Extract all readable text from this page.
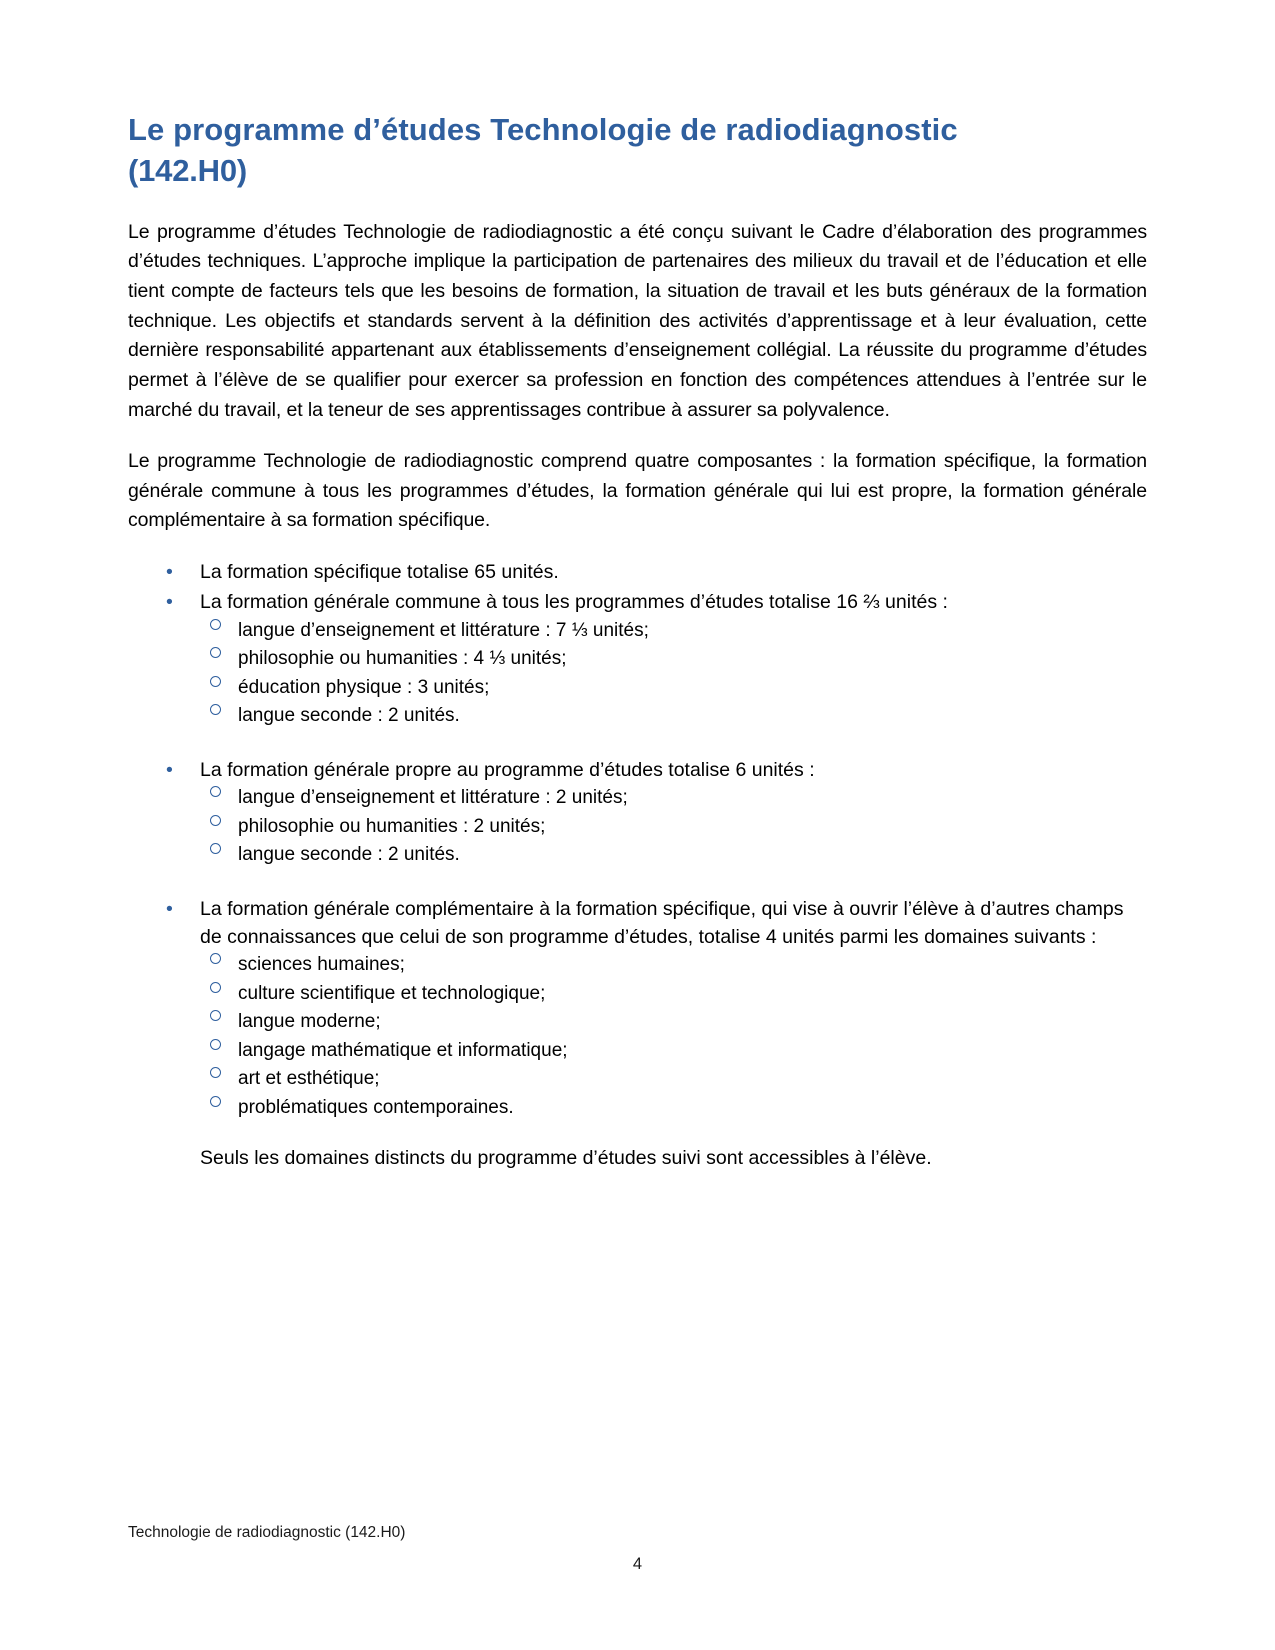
Le programme d’études Technologie de radiodiagnostic
(142.H0)

Le programme d’études Technologie de radiodiagnostic a été conçu suivant le Cadre d’élaboration des programmes d’études techniques. L’approche implique la participation de partenaires des milieux du travail et de l’éducation et elle tient compte de facteurs tels que les besoins de formation, la situation de travail et les buts généraux de la formation technique. Les objectifs et standards servent à la définition des activités d’apprentissage et à leur évaluation, cette dernière responsabilité appartenant aux établissements d’enseignement collégial. La réussite du programme d’études permet à l’élève de se qualifier pour exercer sa profession en fonction des compétences attendues à l’entrée sur le marché du travail, et la teneur de ses apprentissages contribue à assurer sa polyvalence.

Le programme Technologie de radiodiagnostic comprend quatre composantes : la formation spécifique, la formation générale commune à tous les programmes d’études, la formation générale qui lui est propre, la formation générale complémentaire à sa formation spécifique.

• La formation spécifique totalise 65 unités.
• La formation générale commune à tous les programmes d’études totalise 16 ⅔ unités :
langue d’enseignement et littérature : 7 ⅓ unités;
philosophie ou humanities : 4 ⅓ unités;
éducation physique : 3 unités;
langue seconde : 2 unités.
• La formation générale propre au programme d’études totalise 6 unités :
langue d’enseignement et littérature : 2 unités;
philosophie ou humanities : 2 unités;
langue seconde : 2 unités.
• La formation générale complémentaire à la formation spécifique, qui vise à ouvrir l’élève à d’autres champs de connaissances que celui de son programme d’études, totalise 4 unités parmi les domaines suivants :
sciences humaines;
culture scientifique et technologique;
langue moderne;
langage mathématique et informatique;
art et esthétique;
problématiques contemporaines.
Seuls les domaines distincts du programme d’études suivi sont accessibles à l’élève.
Technologie de radiodiagnostic (142.H0)
4
